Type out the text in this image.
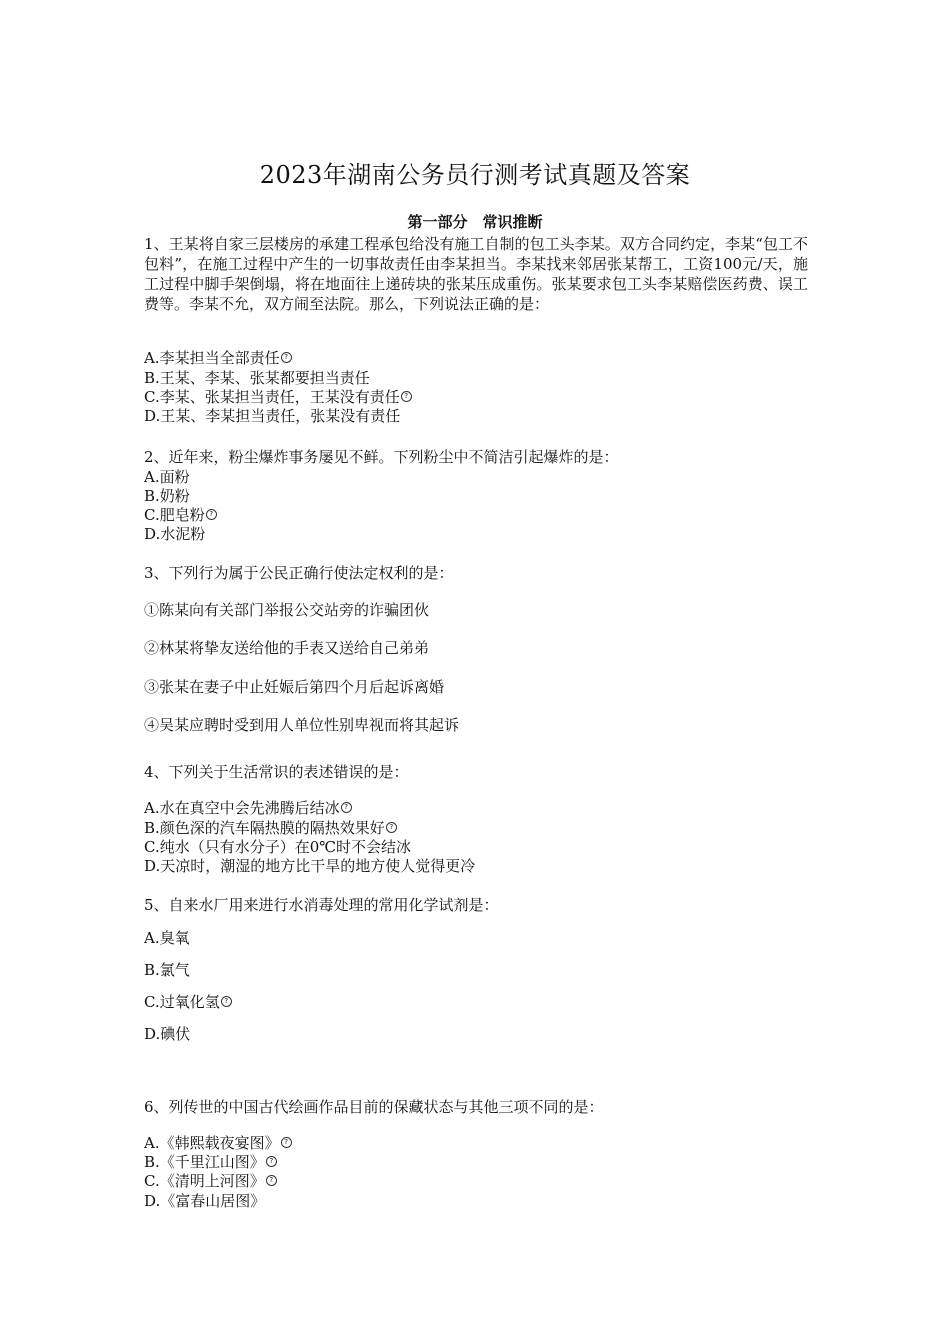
2023年湖南公务员行测考试真题及答案
第一部分　常识推断
1、王某将自家三层楼房的承建工程承包给没有施工自制的包工头李某。双方合同约定，李某“包工不包料”，在施工过程中产生的一切事故责任由李某担当。李某找来邻居张某帮工，工资100元/天，施工过程中脚手架倒塌，将在地面往上递砖块的张某压成重伤。张某要求包工头李某赔偿医药费、误工费等。李某不允，双方闹至法院。那么，下列说法正确的是：
A.李某担当全部责任 ?
B.王某、李某、张某都要担当责任
C.李某、张某担当责任，王某没有责任 ?
D.王某、李某担当责任，张某没有责任
2、近年来，粉尘爆炸事务屡见不鲜。下列粉尘中不简洁引起爆炸的是：
A.面粉
B.奶粉
C.肥皂粉 ?
D.水泥粉
3、下列行为属于公民正确行使法定权利的是：
①陈某向有关部门举报公交站旁的诈骗团伙
②林某将挚友送给他的手表又送给自己弟弟
③张某在妻子中止妊娠后第四个月后起诉离婚
④吴某应聘时受到用人单位性别卑视而将其起诉
4、下列关于生活常识的表述错误的是：
A.水在真空中会先沸腾后结冰 ?
B.颜色深的汽车隔热膜的隔热效果好 ?
C.纯水（只有水分子）在0℃时不会结冰
D.天凉时，潮湿的地方比干旱的地方使人觉得更冷
5、自来水厂用来进行水消毒处理的常用化学试剂是：
A.臭氧
B.氯气
C.过氧化氢 ?
D.碘伏
6、列传世的中国古代绘画作品目前的保藏状态与其他三项不同的是：
A.《韩熙载夜宴图》 ?
B.《千里江山图》 ?
C.《清明上河图》 ?
D.《富春山居图》
